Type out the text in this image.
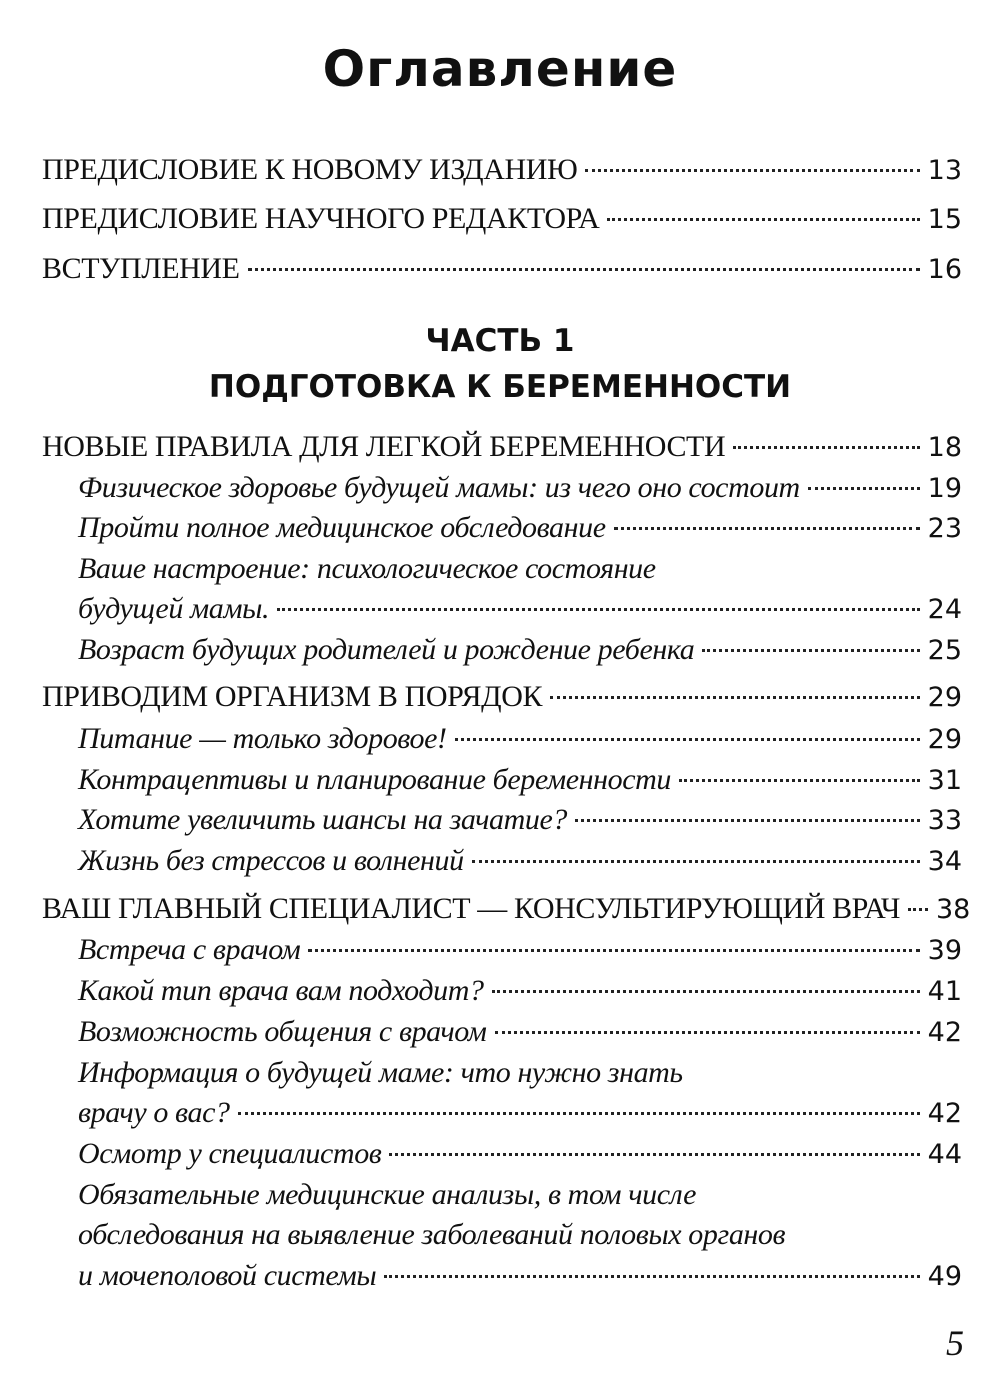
Оглавление
ПРЕДИСЛОВИЕ К НОВОМУ ИЗДАНИЮ	13
ПРЕДИСЛОВИЕ НАУЧНОГО РЕДАКТОРА	15
ВСТУПЛЕНИЕ	16
ЧАСТЬ 1
ПОДГОТОВКА К БЕРЕМЕННОСТИ
НОВЫЕ ПРАВИЛА ДЛЯ ЛЕГКОЙ БЕРЕМЕННОСТИ	18
Физическое здоровье будущей мамы: из чего оно состоит	19
Пройти полное медицинское обследование	23
Ваше настроение: психологическое состояние
будущей мамы.	24
Возраст будущих родителей и рождение ребенка	25
ПРИВОДИМ ОРГАНИЗМ В ПОРЯДОК	29
Питание — только здоровое!	29
Контрацептивы и планирование беременности	31
Хотите увеличить шансы на зачатие?	33
Жизнь без стрессов и волнений	34
ВАШ ГЛАВНЫЙ СПЕЦИАЛИСТ — КОНСУЛЬТИРУЮЩИЙ ВРАЧ 38
Встреча с врачом	39
Какой тип врача вам подходит?	41
Возможность общения с врачом	42
Информация о будущей маме: что нужно знать
врачу о вас?	42
Осмотр у специалистов	44
Обязательные медицинские анализы, в том числе
обследования на выявление заболеваний половых органов
и мочеполовой системы	49
5
